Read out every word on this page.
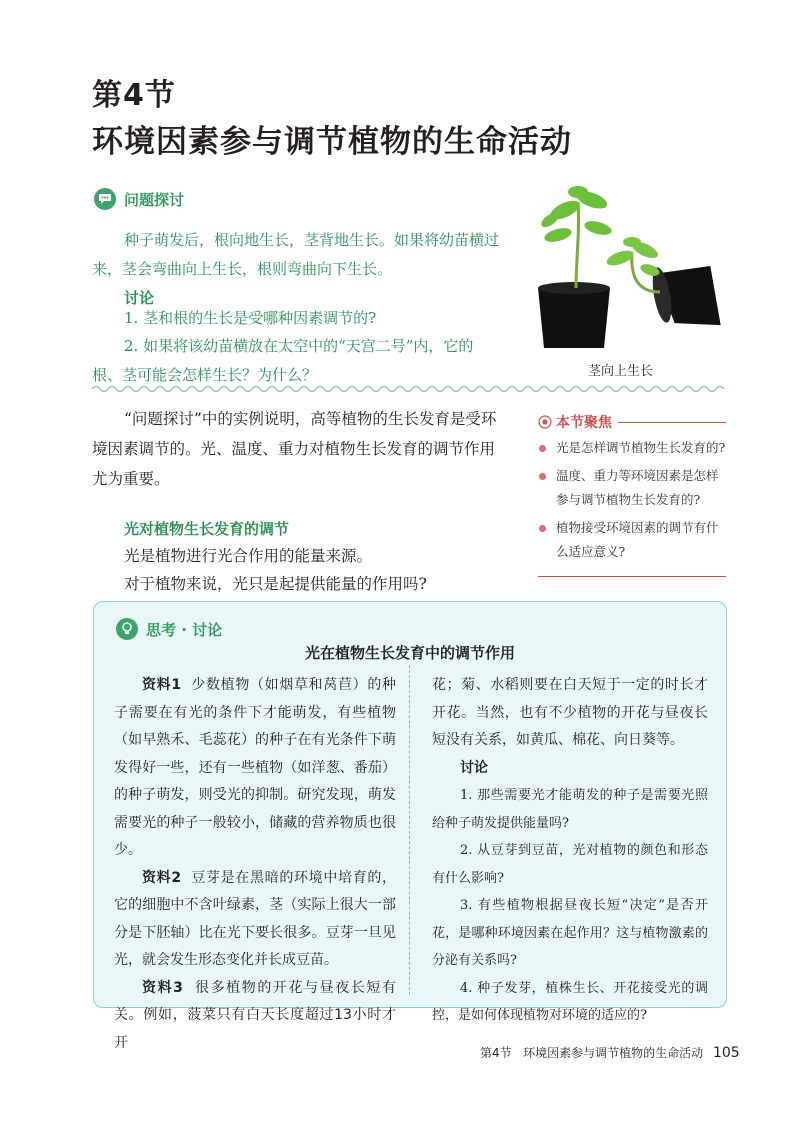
第4节
环境因素参与调节植物的生命活动
问题探讨
种子萌发后，根向地生长，茎背地生长。如果将幼苗横过来，茎会弯曲向上生长，根则弯曲向下生长。
讨论
1. 茎和根的生长是受哪种因素调节的?
2. 如果将该幼苗横放在太空中的“天宫二号”内，它的根、茎可能会怎样生长？为什么？	茎向上生长
“问题探讨”中的实例说明，高等植物的生长发育是受环境因素调节的。光、温度、重力对植物生长发育的调节作用尤为重要。
光对植物生长发育的调节
光是植物进行光合作用的能量来源。
对于植物来说，光只是起提供能量的作用吗?
本节聚焦
光是怎样调节植物生长发育的?
温度、重力等环境因素是怎样参与调节植物生长发育的?
植物接受环境因素的调节有什么适应意义?
思考 · 讨论
光在植物生长发育中的调节作用
资料1 少数植物（如烟草和莴苣）的种子需要在有光的条件下才能萌发，有些植物（如早熟禾、毛蕊花）的种子在有光条件下萌发得好一些，还有一些植物（如洋葱、番茄）的种子萌发，则受光的抑制。研究发现，萌发需要光的种子一般较小，储藏的营养物质也很少。
资料2 豆芽是在黑暗的环境中培育的，它的细胞中不含叶绿素，茎（实际上很大一部分是下胚轴）比在光下要长很多。豆芽一旦见光，就会发生形态变化并长成豆苗。
资料3 很多植物的开花与昼夜长短有关。例如，菠菜只有白天长度超过13小时才开
花；菊、水稻则要在白天短于一定的时长才开花。当然，也有不少植物的开花与昼夜长短没有关系，如黄瓜、棉花、向日葵等。
讨论
1. 那些需要光才能萌发的种子是需要光照给种子萌发提供能量吗?
2. 从豆芽到豆苗，光对植物的颜色和形态有什么影响?
3. 有些植物根据昼夜长短“决定”是否开花，是哪种环境因素在起作用？这与植物激素的分泌有关系吗?
4. 种子发芽，植株生长、开花接受光的调控，是如何体现植物对环境的适应的?
第4节 环境因素参与调节植物的生命活动 105
